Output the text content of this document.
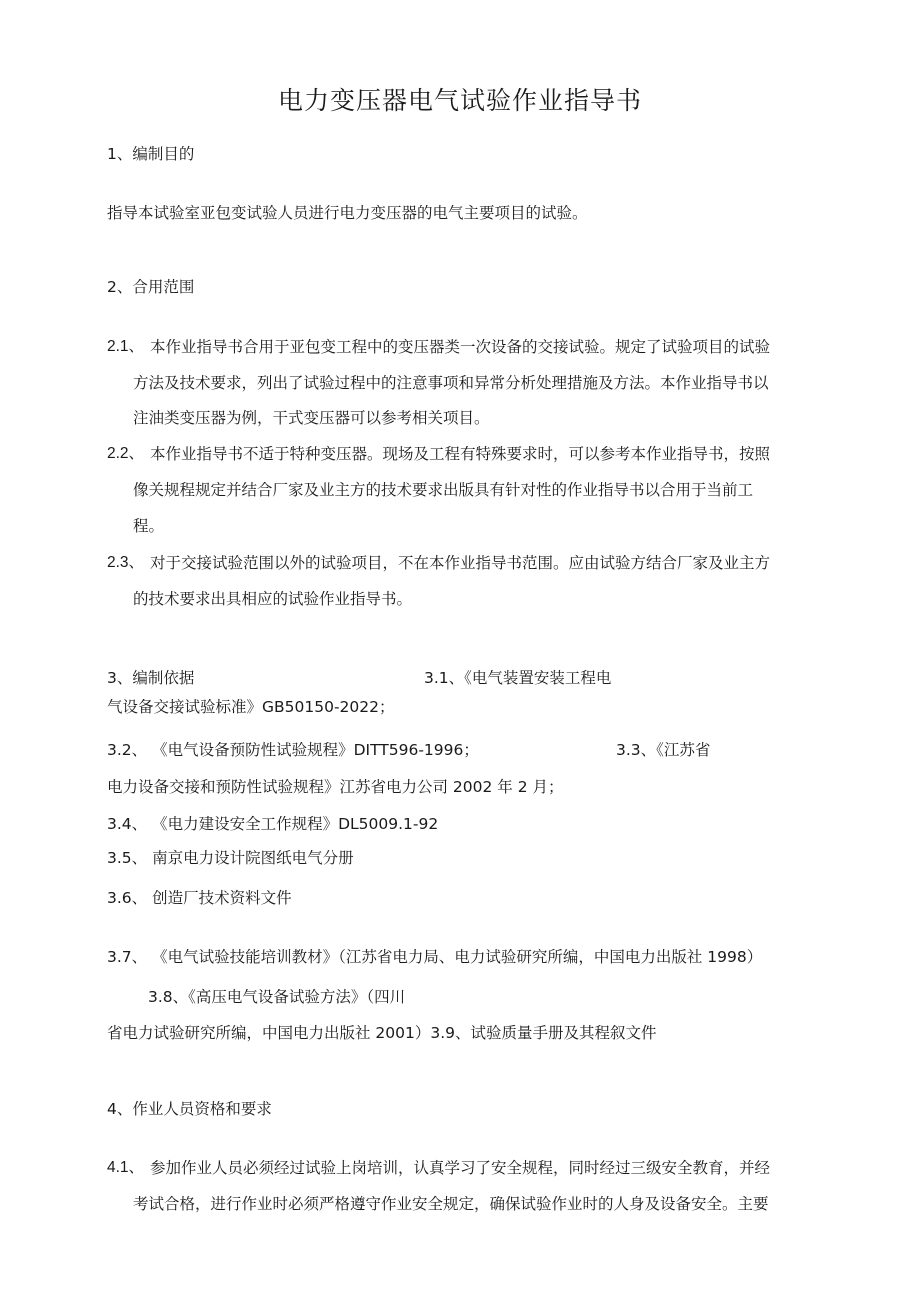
电力变压器电气试验作业指导书
1、编制目的
指导本试验室亚包变试验人员进行电力变压器的电气主要项目的试验。
2、合用范围
2.1、 本作业指导书合用于亚包变工程中的变压器类一次设备的交接试验。规定了试验项目的试验
方法及技术要求，列出了试验过程中的注意事项和异常分析处理措施及方法。本作业指导书以
注油类变压器为例，干式变压器可以参考相关项目。
2.2、 本作业指导书不适于特种变压器。现场及工程有特殊要求时，可以参考本作业指导书，按照
像关规程规定并结合厂家及业主方的技术要求出版具有针对性的作业指导书以合用于当前工
程。
2.3、 对于交接试验范围以外的试验项目，不在本作业指导书范围。应由试验方结合厂家及业主方
的技术要求出具相应的试验作业指导书。
3、编制依据	3.1、《电气装置安装工程电
气设备交接试验标准》GB50150-2022；
3.2、 《电气设备预防性试验规程》DITT596-1996；	3.3、《江苏省
电力设备交接和预防性试验规程》江苏省电力公司 2002 年 2 月；
3.4、 《电力建设安全工作规程》DL5009.1-92
3.5、 南京电力设计院图纸电气分册
3.6、 创造厂技术资料文件
3.7、 《电气试验技能培训教材》（江苏省电力局、电力试验研究所编，中国电力出版社 1998）
3.8、《高压电气设备试验方法》（四川
省电力试验研究所编，中国电力出版社 2001）3.9、试验质量手册及其程叙文件
4、作业人员资格和要求
4.1、 参加作业人员必须经过试验上岗培训，认真学习了安全规程，同时经过三级安全教育，并经
考试合格，进行作业时必须严格遵守作业安全规定，确保试验作业时的人身及设备安全。主要
